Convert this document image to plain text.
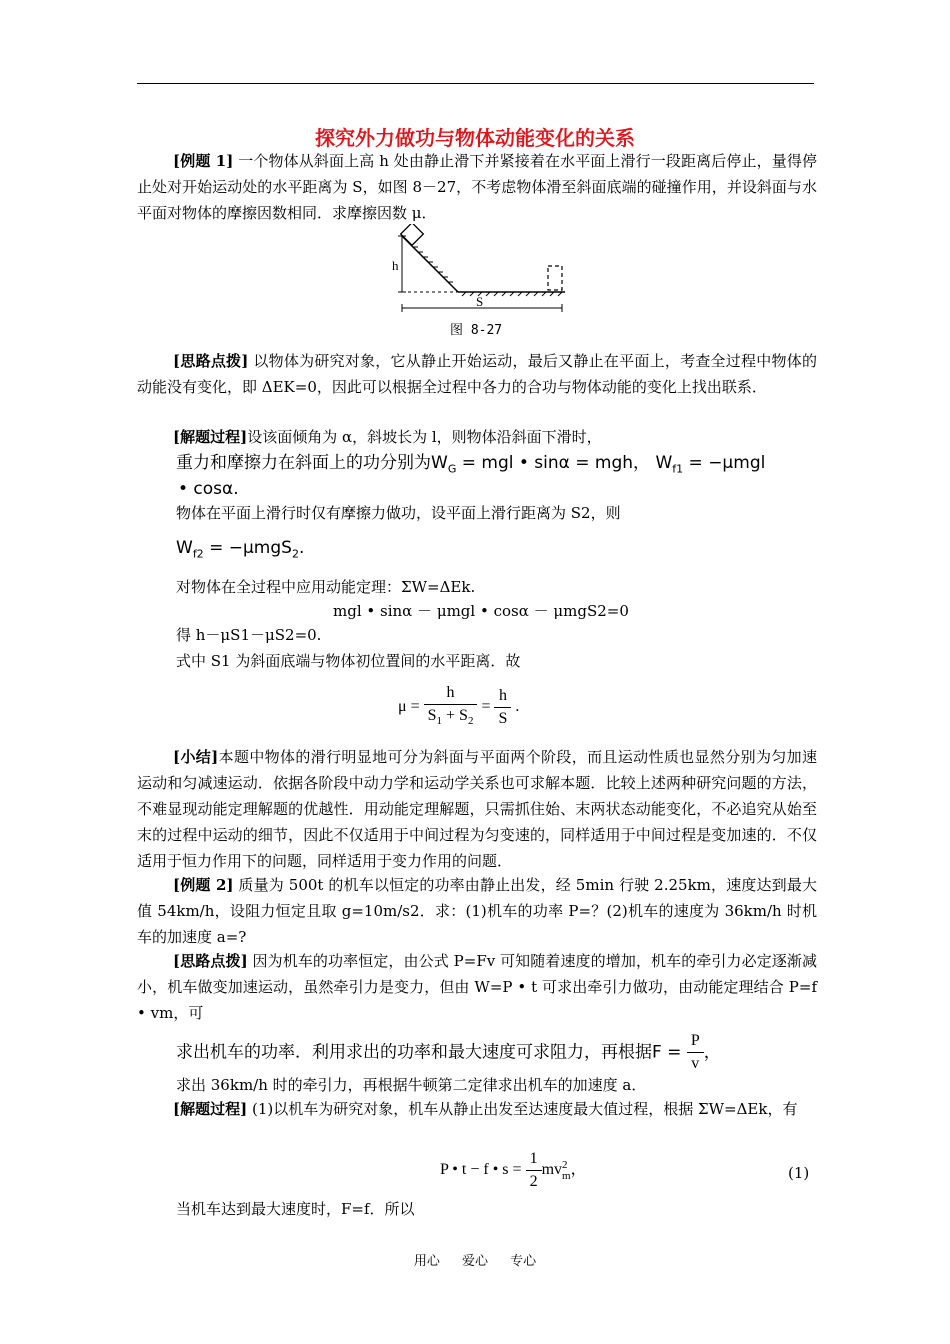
探究外力做功与物体动能变化的关系
[例题 1] 一个物体从斜面上高 h 处由静止滑下并紧接着在水平面上滑行一段距离后停止，量得停止处对开始运动处的水平距离为 S，如图 8－27，不考虑物体滑至斜面底端的碰撞作用，并设斜面与水平面对物体的摩擦因数相同．求摩擦因数 μ．
h
S
图 8-27
[思路点拨] 以物体为研究对象，它从静止开始运动，最后又静止在平面上，考查全过程中物体的动能没有变化，即 ΔEK=0，因此可以根据全过程中各力的合功与物体动能的变化上找出联系．
[解题过程]设该面倾角为 α，斜坡长为 l，则物体沿斜面下滑时，
重力和摩擦力在斜面上的功分别为$W_G$ = mgl • sinα = mgh， $W_{f1} = -\mu mgl$
• cosα.
物体在平面上滑行时仅有摩擦力做功，设平面上滑行距离为 S2，则
$W_{f2} = -\mu mgS_2$.
对物体在全过程中应用动能定理：ΣW=ΔEk.
mgl • sinα － μmgl • cosα － μmgS2=0
得 h－μS1－μS2=0.
式中 S1 为斜面底端与物体初位置间的水平距离．故
$\mu = \frac{h}{S_1 + S_2} = \frac{h}{S}$ .
[小结]本题中物体的滑行明显地可分为斜面与平面两个阶段，而且运动性质也显然分别为匀加速运动和匀减速运动．依据各阶段中动力学和运动学关系也可求解本题．比较上述两种研究问题的方法，不难显现动能定理解题的优越性．用动能定理解题，只需抓住始、末两状态动能变化，不必追究从始至末的过程中运动的细节，因此不仅适用于中间过程为匀变速的，同样适用于中间过程是变加速的．不仅适用于恒力作用下的问题，同样适用于变力作用的问题．
[例题 2] 质量为 500t 的机车以恒定的功率由静止出发，经 5min 行驶 2.25km，速度达到最大值 54km/h，设阻力恒定且取 g=10m/s2．求：(1)机车的功率 P=？(2)机车的速度为 36km/h 时机车的加速度 a=?
[思路点拨] 因为机车的功率恒定，由公式 P=Fv 可知随着速度的增加，机车的牵引力必定逐渐减小，机车做变加速运动，虽然牵引力是变力，但由 W=P • t 可求出牵引力做功，由动能定理结合 P=f • vm，可
求出机车的功率．利用求出的功率和最大速度可求阻力，再根据$F = \frac{P}{v}$ ，
求出 36km/h 时的牵引力，再根据牛顿第二定律求出机车的加速度 a．
[解题过程] (1)以机车为研究对象，机车从静止出发至达速度最大值过程，根据 ΣW=ΔEk，有
P • t − f • $s = \frac{1}{2}$ mv 2
m ，	(1)
当机车达到最大速度时，F=f．所以
用心 爱心 专心
